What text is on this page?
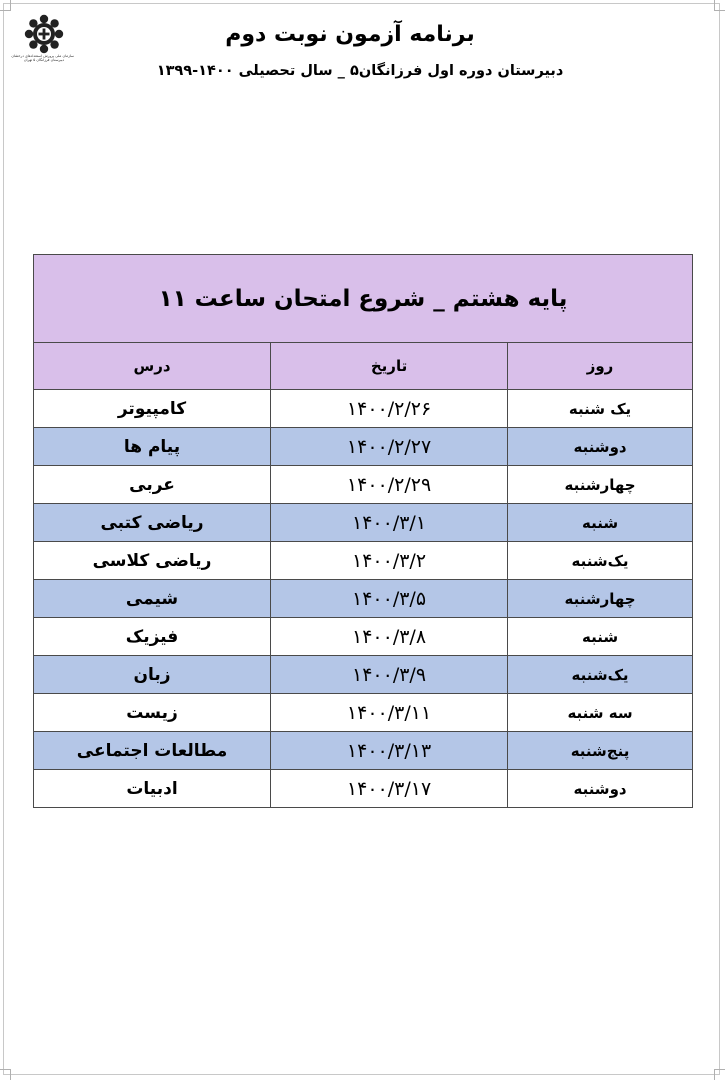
سازمان ملی پرورش استعدادهای درخشان
دبیرستان فرزانگان ۵ تهران
برنامه آزمون نوبت دوم
دبیرستان دوره اول فرزانگان۵ _ سال تحصیلی ۱۴۰۰-۱۳۹۹
پایه هشتم _ شروع امتحان ساعت ۱۱		
روز	تاریخ	درس
یک شنبه	۱۴۰۰/۲/۲۶	کامپیوتر
دوشنبه	۱۴۰۰/۲/۲۷	پیام ها
چهارشنبه	۱۴۰۰/۲/۲۹	عربی
شنبه	۱۴۰۰/۳/۱	ریاضی کتبی
یک‌شنبه	۱۴۰۰/۳/۲	ریاضی کلاسی
چهارشنبه	۱۴۰۰/۳/۵	شیمی
شنبه	۱۴۰۰/۳/۸	فیزیک
یک‌شنبه	۱۴۰۰/۳/۹	زبان
سه شنبه	۱۴۰۰/۳/۱۱	زیست
پنج‌شنبه	۱۴۰۰/۳/۱۳	مطالعات اجتماعی
دوشنبه	۱۴۰۰/۳/۱۷	ادبیات
